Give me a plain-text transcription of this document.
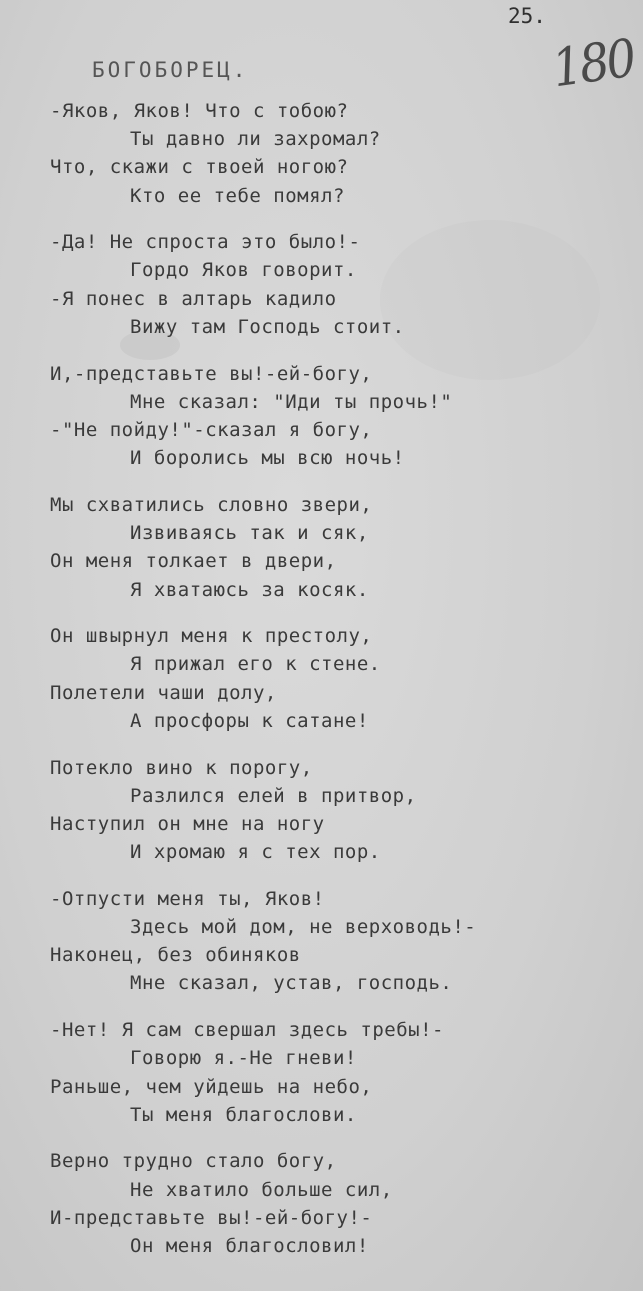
25.
180
БОГОБОРЕЦ.
-Яков, Яков! Что с тобою?
Ты давно ли захромал?
Что, скажи с твоей ногою?
Кто ее тебе помял?
-Да! Не спроста это было!-
Гордо Яков говорит.
-Я понес в алтарь кадило
Вижу там Господь стоит.
И,-представьте вы!-ей-богу,
Мне сказал: "Иди ты прочь!"
-"Не пойду!"-сказал я богу,
И боролись мы всю ночь!
Мы схватились словно звери,
Извиваясь так и сяк,
Он меня толкает в двери,
Я хватаюсь за косяк.
Он швырнул меня к престолу,
Я прижал его к стене.
Полетели чаши долу,
А просфоры к сатане!
Потекло вино к порогу,
Разлился елей в притвор,
Наступил он мне на ногу
И хромаю я с тех пор.
-Отпусти меня ты, Яков!
Здесь мой дом, не верховодь!-
Наконец, без обиняков
Мне сказал, устав, господь.
-Нет! Я сам свершал здесь требы!-
Говорю я.-Не гневи!
Раньше, чем уйдешь на небо,
Ты меня благослови.
Верно трудно стало богу,
Не хватило больше сил,
И-представьте вы!-ей-богу!-
Он меня благословил!
